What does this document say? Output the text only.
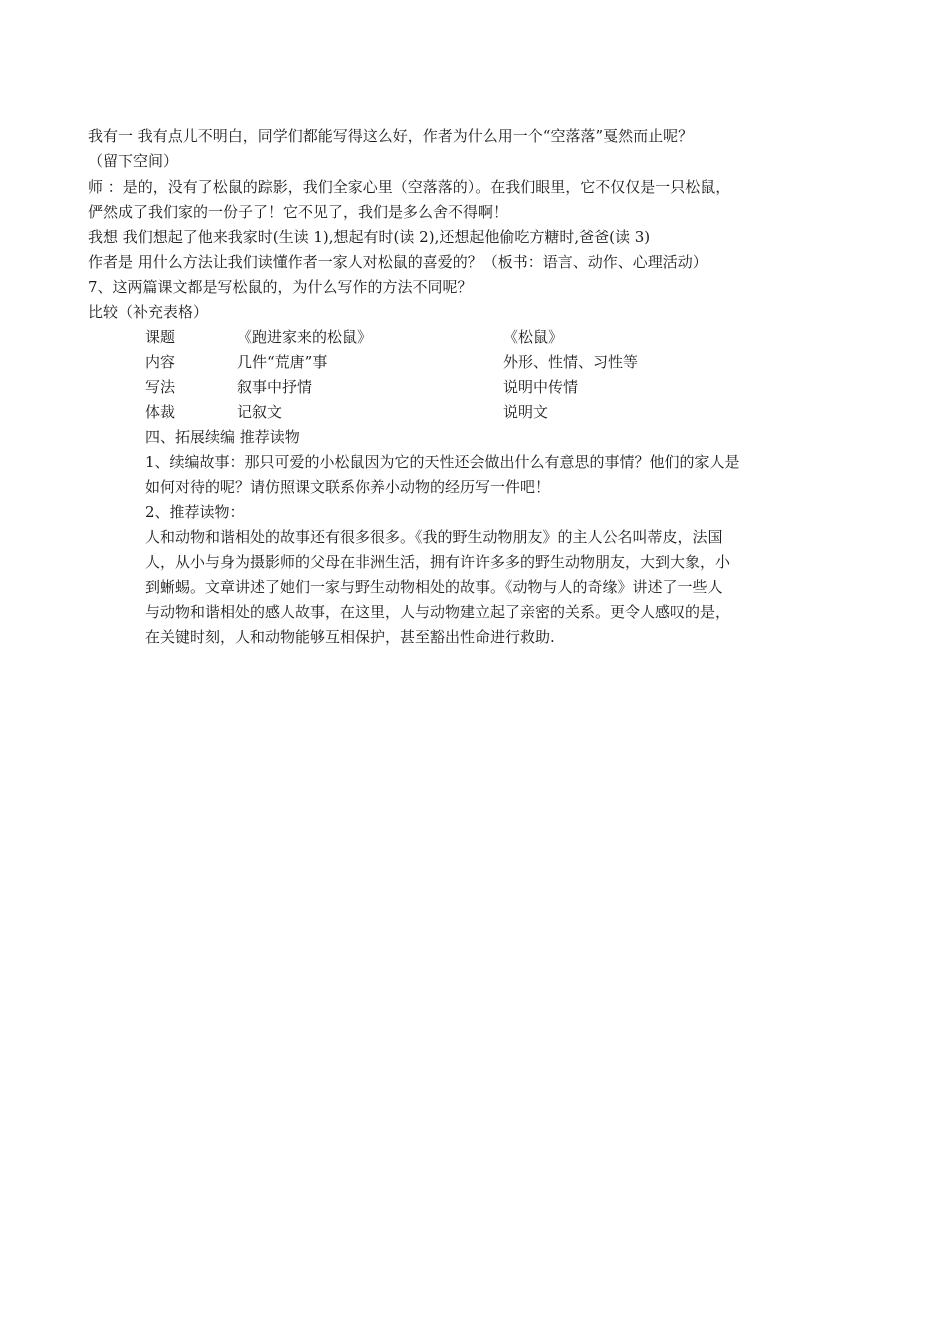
我有一 我有点儿不明白，同学们都能写得这么好，作者为什么用一个“空落落”戛然而止呢？
（留下空间）
师 ：是的，没有了松鼠的踪影，我们全家心里（空落落的）。在我们眼里，它不仅仅是一只松鼠，
俨然成了我们家的一份子了！它不见了，我们是多么舍不得啊！
我想 我们想起了他来我家时(生读 1),想起有时(读 2),还想起他偷吃方糖时,爸爸(读 3)
作者是 用什么方法让我们读懂作者一家人对松鼠的喜爱的？（板书：语言、动作、心理活动）
7、这两篇课文都是写松鼠的，为什么写作的方法不同呢？
比较（补充表格）
课题	《跑进家来的松鼠》	《松鼠》
内容	几件“荒唐”事	外形、性情、习性等
写法	叙事中抒情	说明中传情
体裁	记叙文	说明文
四、拓展续编 推荐读物
1、续编故事：那只可爱的小松鼠因为它的天性还会做出什么有意思的事情？他们的家人是
如何对待的呢？请仿照课文联系你养小动物的经历写一件吧！
2、推荐读物：
人和动物和谐相处的故事还有很多很多。《我的野生动物朋友》的主人公名叫蒂皮，法国
人，从小与身为摄影师的父母在非洲生活，拥有许许多多的野生动物朋友，大到大象，小
到蜥蜴。文章讲述了她们一家与野生动物相处的故事。《动物与人的奇缘》讲述了一些人
与动物和谐相处的感人故事，在这里，人与动物建立起了亲密的关系。更令人感叹的是，
在关键时刻，人和动物能够互相保护，甚至豁出性命进行救助.
